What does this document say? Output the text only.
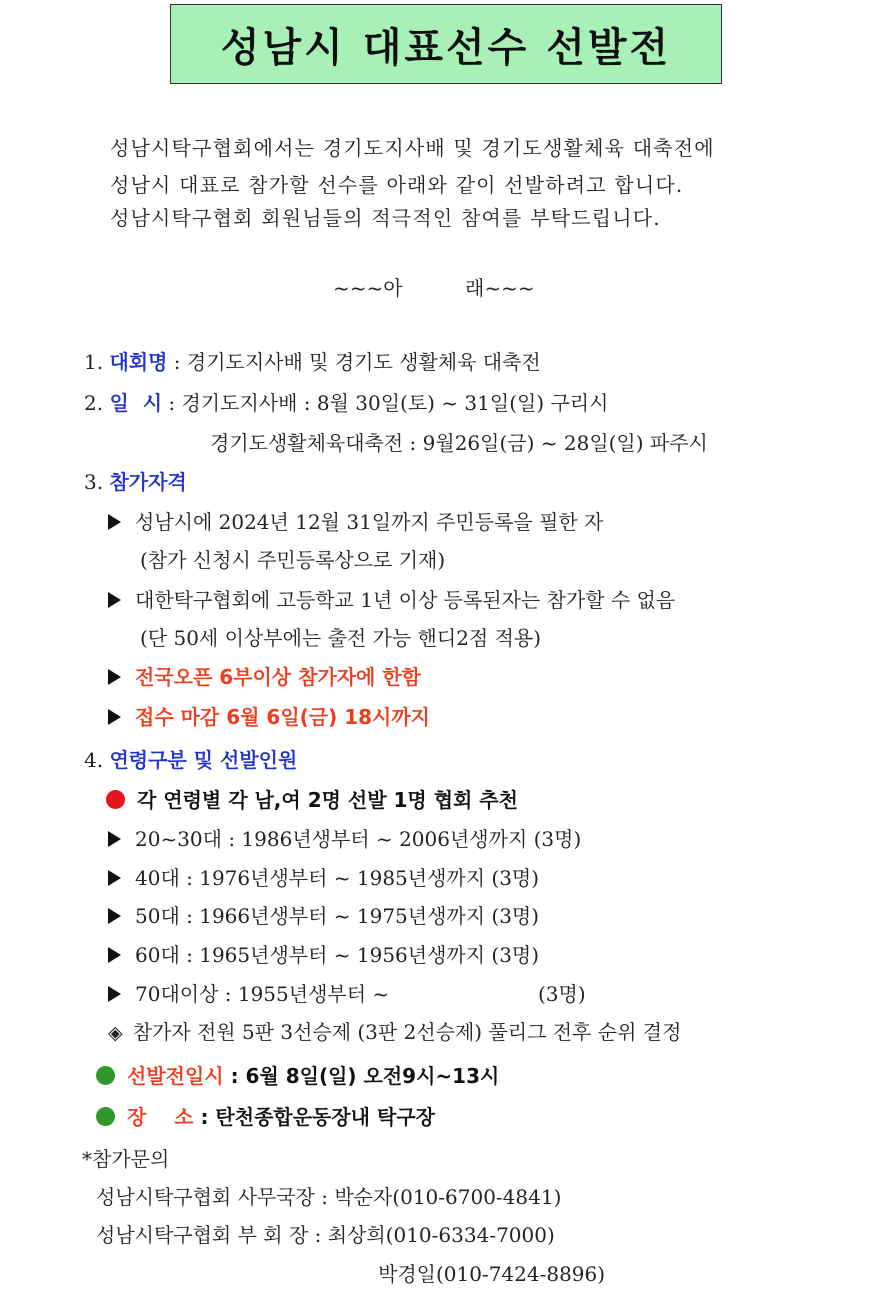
성남시 대표선수 선발전
성남시탁구협회에서는 경기도지사배 및 경기도생활체육 대축전에
성남시 대표로 참가할 선수를 아래와 같이 선발하려고 합니다.
성남시탁구협회 회원님들의 적극적인 참여를 부탁드립니다.
~~~아	래~~~
1. 대회명 : 경기도지사배 및 경기도 생활체육 대축전
2. 일  시 : 경기도지사배 : 8월 30일(토) ~ 31일(일) 구리시
경기도생활체육대축전 : 9월26일(금) ~ 28일(일) 파주시
3. 참가자격
성남시에 2024년 12월 31일까지 주민등록을 필한 자
(참가 신청시 주민등록상으로 기재)
대한탁구협회에 고등학교 1년 이상 등록된자는 참가할 수 없음
(단 50세 이상부에는 출전 가능 핸디2점 적용)
전국오픈 6부이상 참가자에 한함
접수 마감 6월 6일(금) 18시까지
4. 연령구분 및 선발인원
각 연령별 각 남,여 2명 선발 1명 협회 추천
20~30대 : 1986년생부터 ~ 2006년생까지 (3명)
40대 : 1976년생부터 ~ 1985년생까지 (3명)
50대 : 1966년생부터 ~ 1975년생까지 (3명)
60대 : 1965년생부터 ~ 1956년생까지 (3명)
70대이상 : 1955년생부터 ~	(3명)
◈ 참가자 전원 5판 3선승제 (3판 2선승제) 풀리그 전후 순위 결정
선발전일시 : 6월 8일(일) 오전9시~13시
장    소 : 탄천종합운동장내 탁구장
*참가문의
성남시탁구협회 사무국장 : 박순자(010-6700-4841)
성남시탁구협회 부 회 장 : 최상희(010-6334-7000)
박경일(010-7424-8896)
